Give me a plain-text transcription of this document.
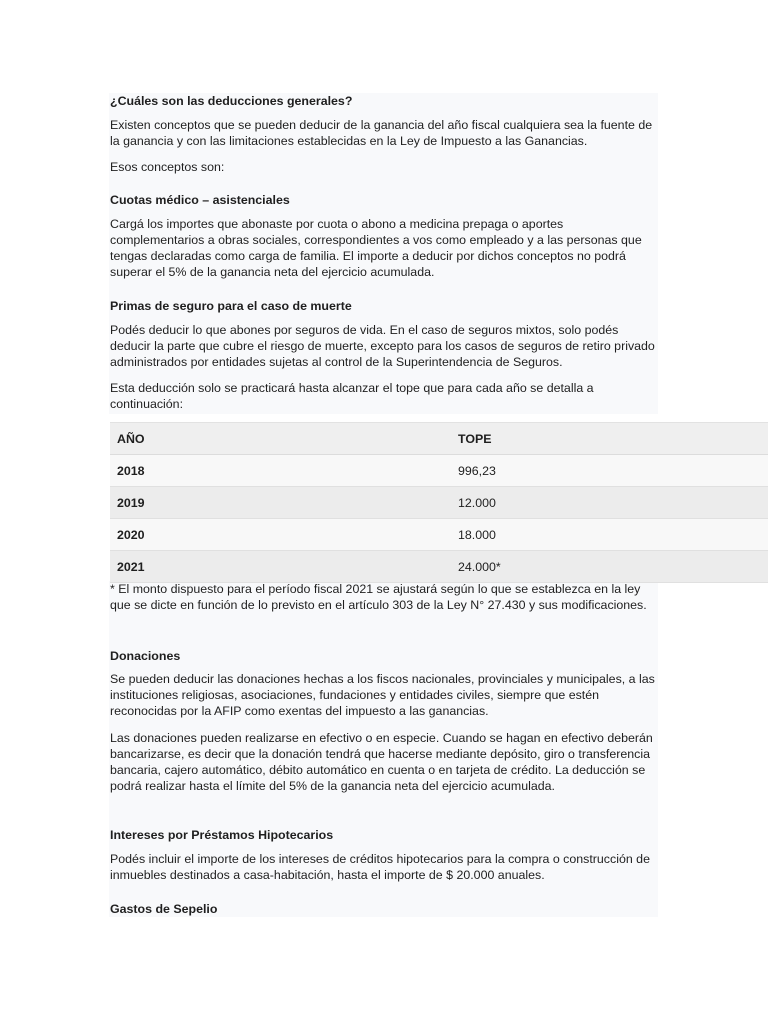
¿Cuáles son las deducciones generales?

Existen conceptos que se pueden deducir de la ganancia del año fiscal cualquiera sea la fuente de la ganancia y con las limitaciones establecidas en la Ley de Impuesto a las Ganancias.

Esos conceptos son:

Cuotas médico – asistenciales

Cargá los importes que abonaste por cuota o abono a medicina prepaga o aportes complementarios a obras sociales, correspondientes a vos como empleado y a las personas que tengas declaradas como carga de familia. El importe a deducir por dichos conceptos no podrá superar el 5% de la ganancia neta del ejercicio acumulada.

Primas de seguro para el caso de muerte

Podés deducir lo que abones por seguros de vida. En el caso de seguros mixtos, solo podés deducir la parte que cubre el riesgo de muerte, excepto para los casos de seguros de retiro privado administrados por entidades sujetas al control de la Superintendencia de Seguros.

Esta deducción solo se practicará hasta alcanzar el tope que para cada año se detalla a continuación:

AÑO	TOPE
2018	996,23
2019	12.000
2020	18.000
2021	24.000*

* El monto dispuesto para el período fiscal 2021 se ajustará según lo que se establezca en la ley que se dicte en función de lo previsto en el artículo 303 de la Ley N° 27.430 y sus modificaciones.

Donaciones

Se pueden deducir las donaciones hechas a los fiscos nacionales, provinciales y municipales, a las instituciones religiosas, asociaciones, fundaciones y entidades civiles, siempre que estén reconocidas por la AFIP como exentas del impuesto a las ganancias.

Las donaciones pueden realizarse en efectivo o en especie. Cuando se hagan en efectivo deberán bancarizarse, es decir que la donación tendrá que hacerse mediante depósito, giro o transferencia bancaria, cajero automático, débito automático en cuenta o en tarjeta de crédito. La deducción se podrá realizar hasta el límite del 5% de la ganancia neta del ejercicio acumulada.

Intereses por Préstamos Hipotecarios

Podés incluir el importe de los intereses de créditos hipotecarios para la compra o construcción de inmuebles destinados a casa-habitación, hasta el importe de $ 20.000 anuales.

Gastos de Sepelio
